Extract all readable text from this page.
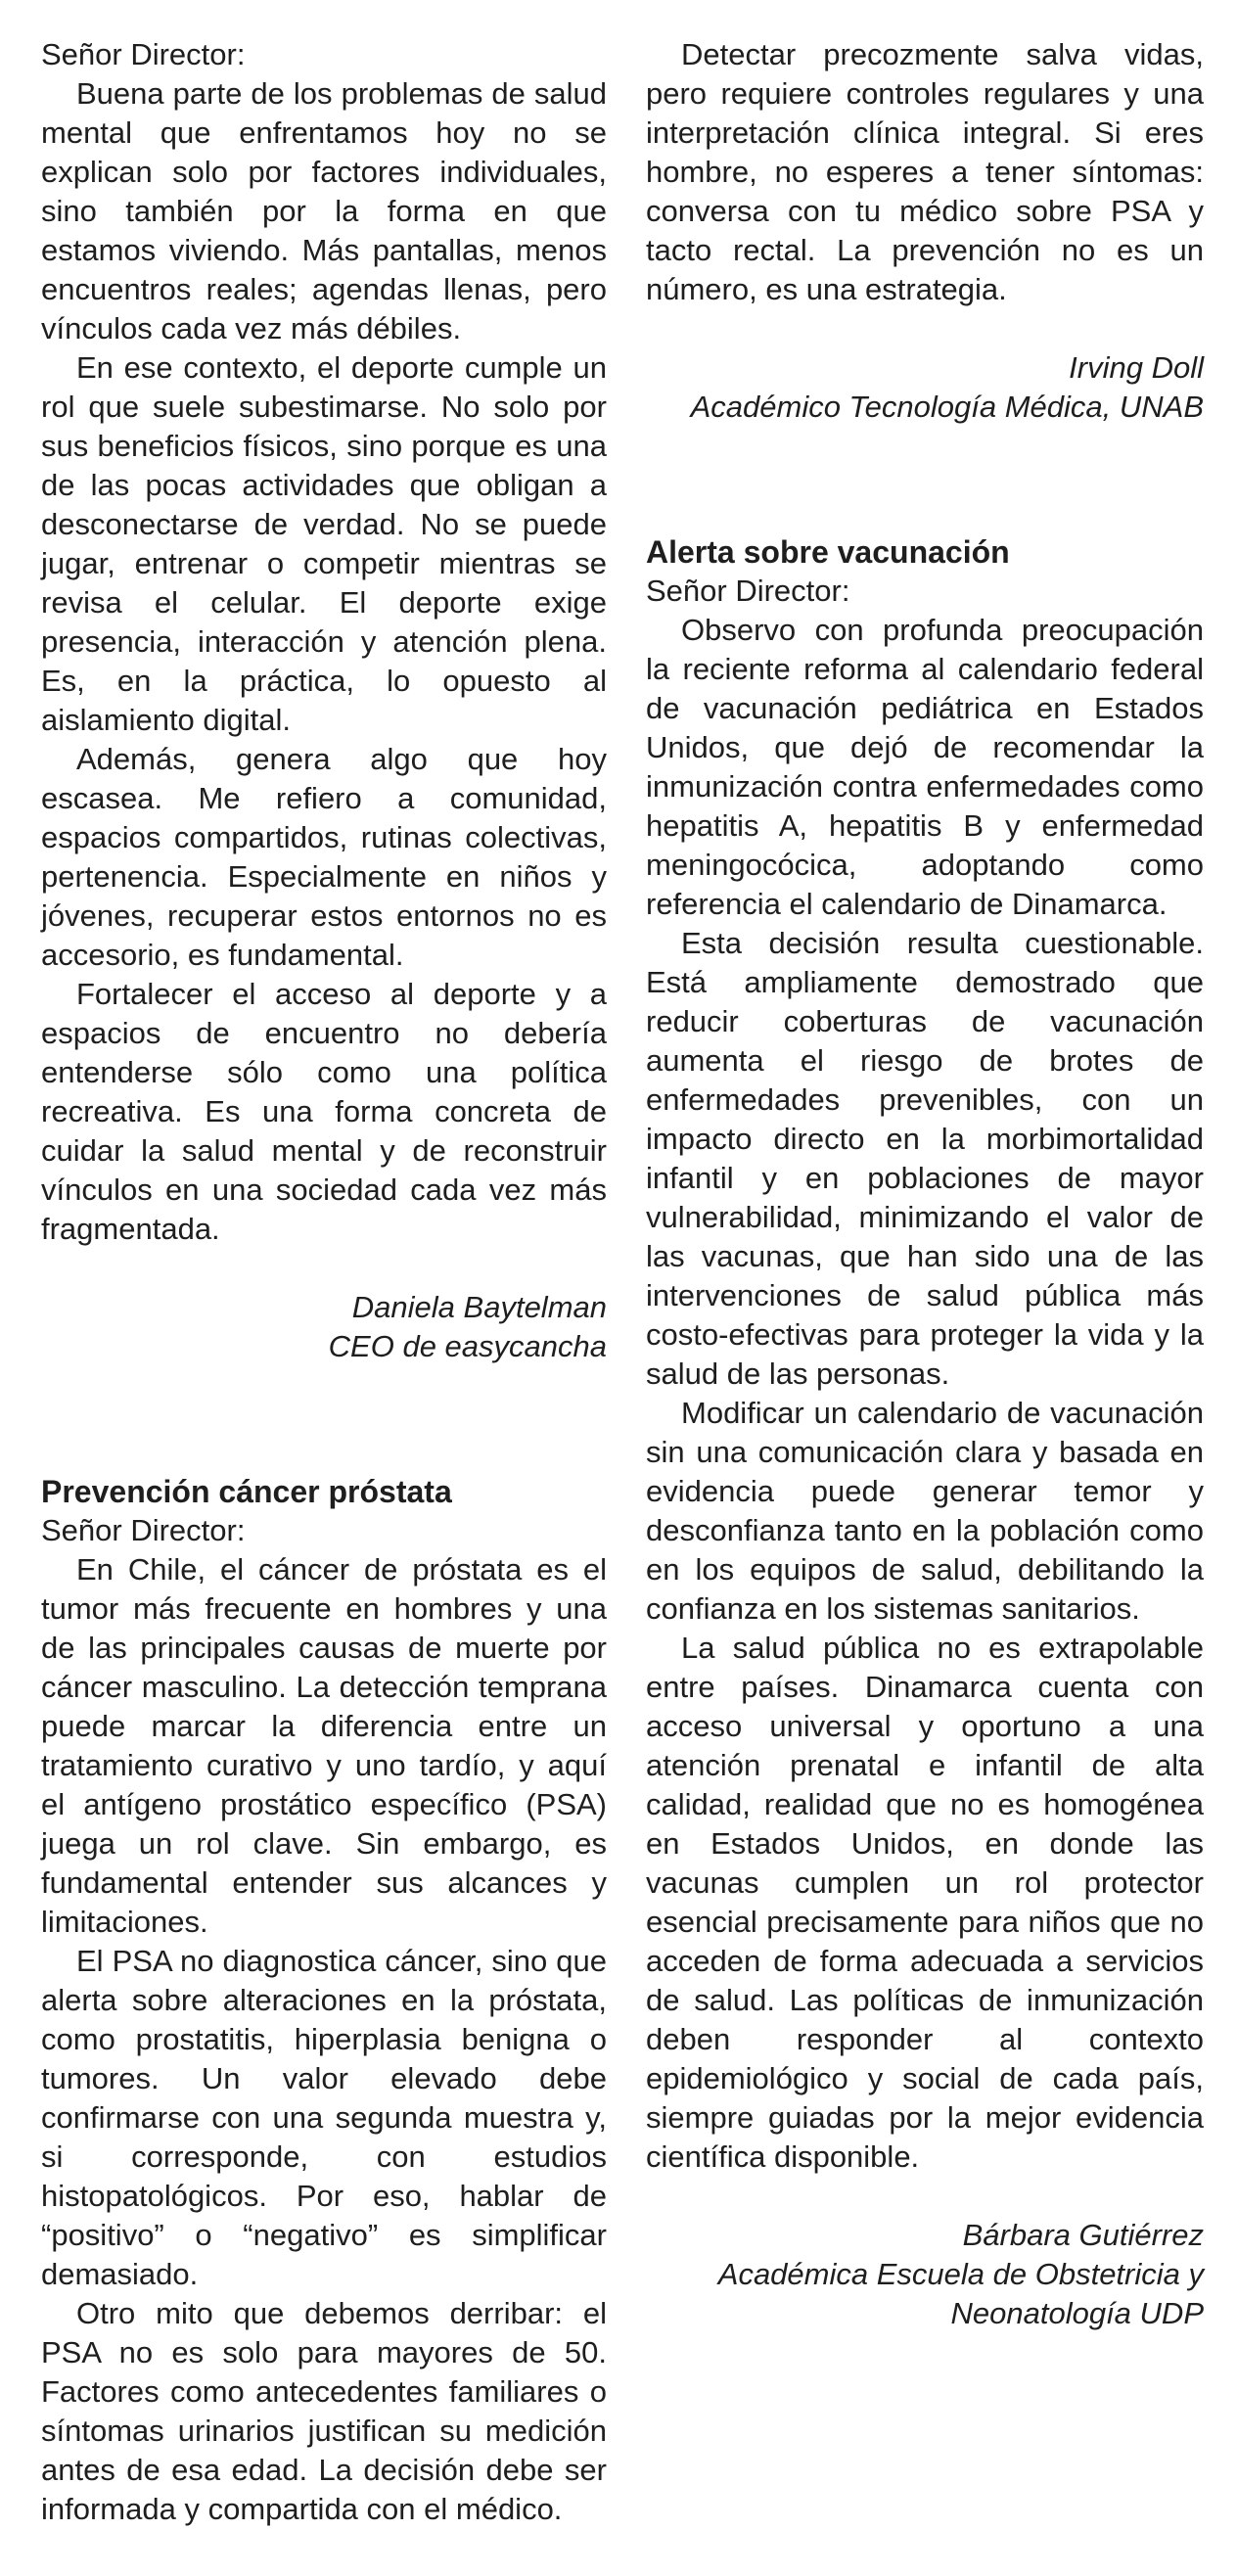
Señor Director:

Buena parte de los problemas de salud mental que enfrentamos hoy no se explican solo por factores individuales, sino también por la forma en que estamos viviendo. Más pantallas, menos encuentros reales; agendas llenas, pero vínculos cada vez más débiles.

En ese contexto, el deporte cumple un rol que suele subestimarse. No solo por sus beneficios físicos, sino porque es una de las pocas actividades que obligan a desconectarse de verdad. No se puede jugar, entrenar o competir mientras se revisa el celular. El deporte exige presencia, interacción y atención plena. Es, en la práctica, lo opuesto al aislamiento digital.

Además, genera algo que hoy escasea. Me refiero a comunidad, espacios compartidos, rutinas colectivas, pertenencia. Especialmente en niños y jóvenes, recuperar estos entornos no es accesorio, es fundamental.

Fortalecer el acceso al deporte y a espacios de encuentro no debería entenderse sólo como una política recreativa. Es una forma concreta de cuidar la salud mental y de reconstruir vínculos en una sociedad cada vez más fragmentada.

Daniela Baytelman

CEO de easycancha

Prevención cáncer próstata

Señor Director:

En Chile, el cáncer de próstata es el tumor más frecuente en hombres y una de las principales causas de muerte por cáncer masculino. La detección temprana puede marcar la diferencia entre un tratamiento curativo y uno tardío, y aquí el antígeno prostático específico (PSA) juega un rol clave. Sin embargo, es fundamental entender sus alcances y limitaciones.

El PSA no diagnostica cáncer, sino que alerta sobre alteraciones en la próstata, como prostatitis, hiperplasia benigna o tumores. Un valor elevado debe confirmarse con una segunda muestra y, si corresponde, con estudios histopatológicos. Por eso, hablar de “positivo” o “negativo” es simplificar demasiado.

Otro mito que debemos derribar: el PSA no es solo para mayores de 50. Factores como antecedentes familiares o síntomas urinarios justifican su medición antes de esa edad. La decisión debe ser informada y compartida con el médico.

Detectar precozmente salva vidas, pero requiere controles regulares y una interpretación clínica integral. Si eres hombre, no esperes a tener síntomas: conversa con tu médico sobre PSA y tacto rectal. La prevención no es un número, es una estrategia.

Irving Doll

Académico Tecnología Médica, UNAB

Alerta sobre vacunación

Señor Director:

Observo con profunda preocupación la reciente reforma al calendario federal de vacunación pediátrica en Estados Unidos, que dejó de recomendar la inmunización contra enfermedades como hepatitis A, hepatitis B y enfermedad meningocócica, adoptando como referencia el calendario de Dinamarca.

Esta decisión resulta cuestionable. Está ampliamente demostrado que reducir coberturas de vacunación aumenta el riesgo de brotes de enfermedades prevenibles, con un impacto directo en la morbimortalidad infantil y en poblaciones de mayor vulnerabilidad, minimizando el valor de las vacunas, que han sido una de las intervenciones de salud pública más costo-efectivas para proteger la vida y la salud de las personas.

Modificar un calendario de vacunación sin una comunicación clara y basada en evidencia puede generar temor y desconfianza tanto en la población como en los equipos de salud, debilitando la confianza en los sistemas sanitarios.

La salud pública no es extrapolable entre países. Dinamarca cuenta con acceso universal y oportuno a una atención prenatal e infantil de alta calidad, realidad que no es homogénea en Estados Unidos, en donde las vacunas cumplen un rol protector esencial precisamente para niños que no acceden de forma adecuada a servicios de salud. Las políticas de inmunización deben responder al contexto epidemiológico y social de cada país, siempre guiadas por la mejor evidencia científica disponible.

Bárbara Gutiérrez

Académica Escuela de Obstetricia y

Neonatología UDP
